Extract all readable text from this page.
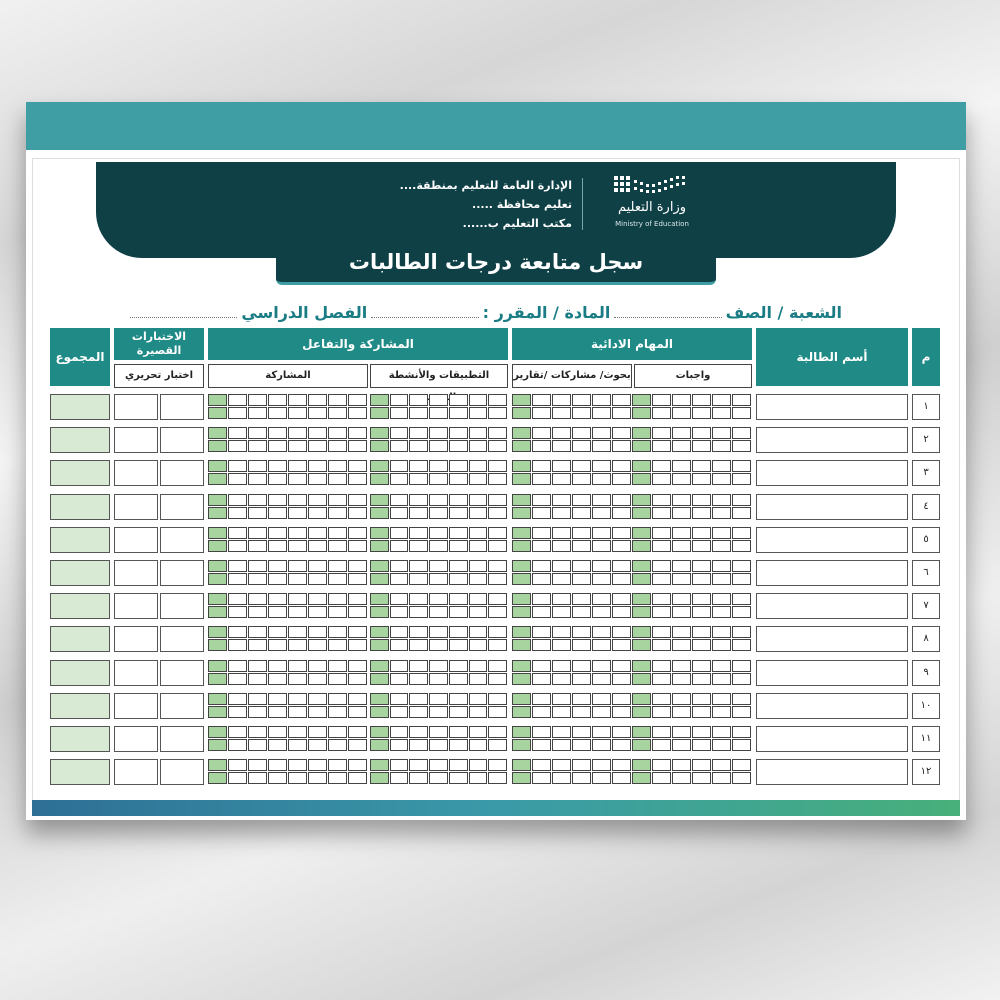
وزارة التعليم
Ministry of Education
الإدارة العامة للتعليم بمنطقة....
تعليم محافظة .....
مكتب التعليم ب......
سجل متابعة درجات الطالبات
الشعبة / الصف
المادة / المقرر :
الفصل الدراسي
م
أسم الطالبة
المهام الادائية
واجبات
بحوث/ مشاركات /تقارير
المشاركة والتفاعل
التطبيقات والأنشطة
المشاركة
الاختبارات القصيرة
اختبار تحريري
المجموع
١
٢
٣
٤
٥
٦
٧
٨
٩
١٠
١١
١٢
